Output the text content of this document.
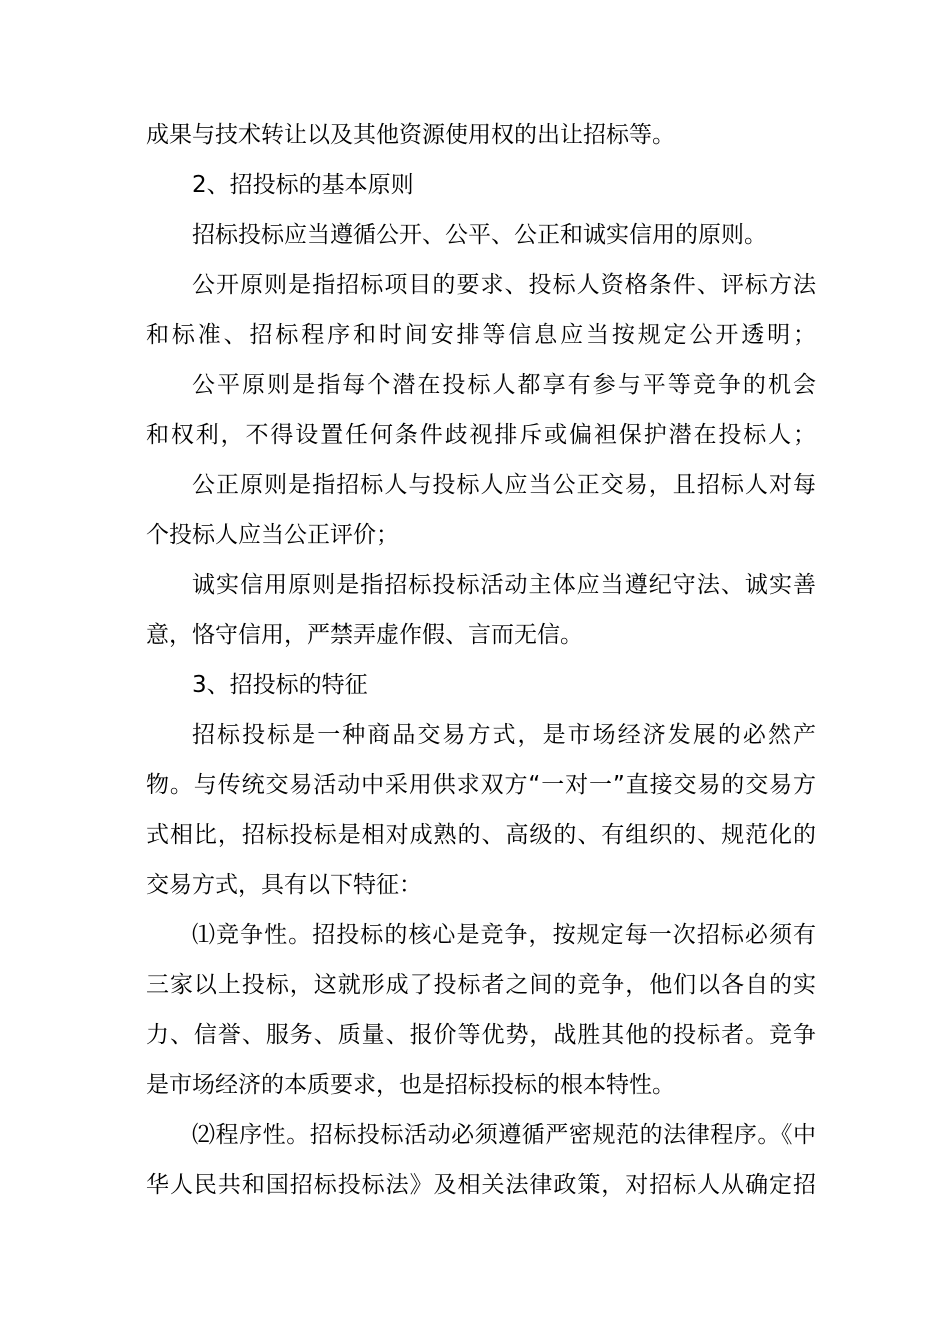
成果与技术转让以及其他资源使用权的出让招标等。
2、招投标的基本原则
招标投标应当遵循公开、公平、公正和诚实信用的原则。
公开原则是指招标项目的要求、投标人资格条件、评标方法
和标准、招标程序和时间安排等信息应当按规定公开透明；
公平原则是指每个潜在投标人都享有参与平等竞争的机会
和权利，不得设置任何条件歧视排斥或偏袒保护潜在投标人；
公正原则是指招标人与投标人应当公正交易，且招标人对每
个投标人应当公正评价；
诚实信用原则是指招标投标活动主体应当遵纪守法、诚实善
意，恪守信用，严禁弄虚作假、言而无信。
3、招投标的特征
招标投标是一种商品交易方式，是市场经济发展的必然产
物。与传统交易活动中采用供求双方“一对一”直接交易的交易方
式相比，招标投标是相对成熟的、高级的、有组织的、规范化的
交易方式，具有以下特征：
⑴竞争性。招投标的核心是竞争，按规定每一次招标必须有
三家以上投标，这就形成了投标者之间的竞争，他们以各自的实
力、信誉、服务、质量、报价等优势，战胜其他的投标者。竞争
是市场经济的本质要求，也是招标投标的根本特性。
⑵程序性。招标投标活动必须遵循严密规范的法律程序。《中
华人民共和国招标投标法》及相关法律政策，对招标人从确定招
